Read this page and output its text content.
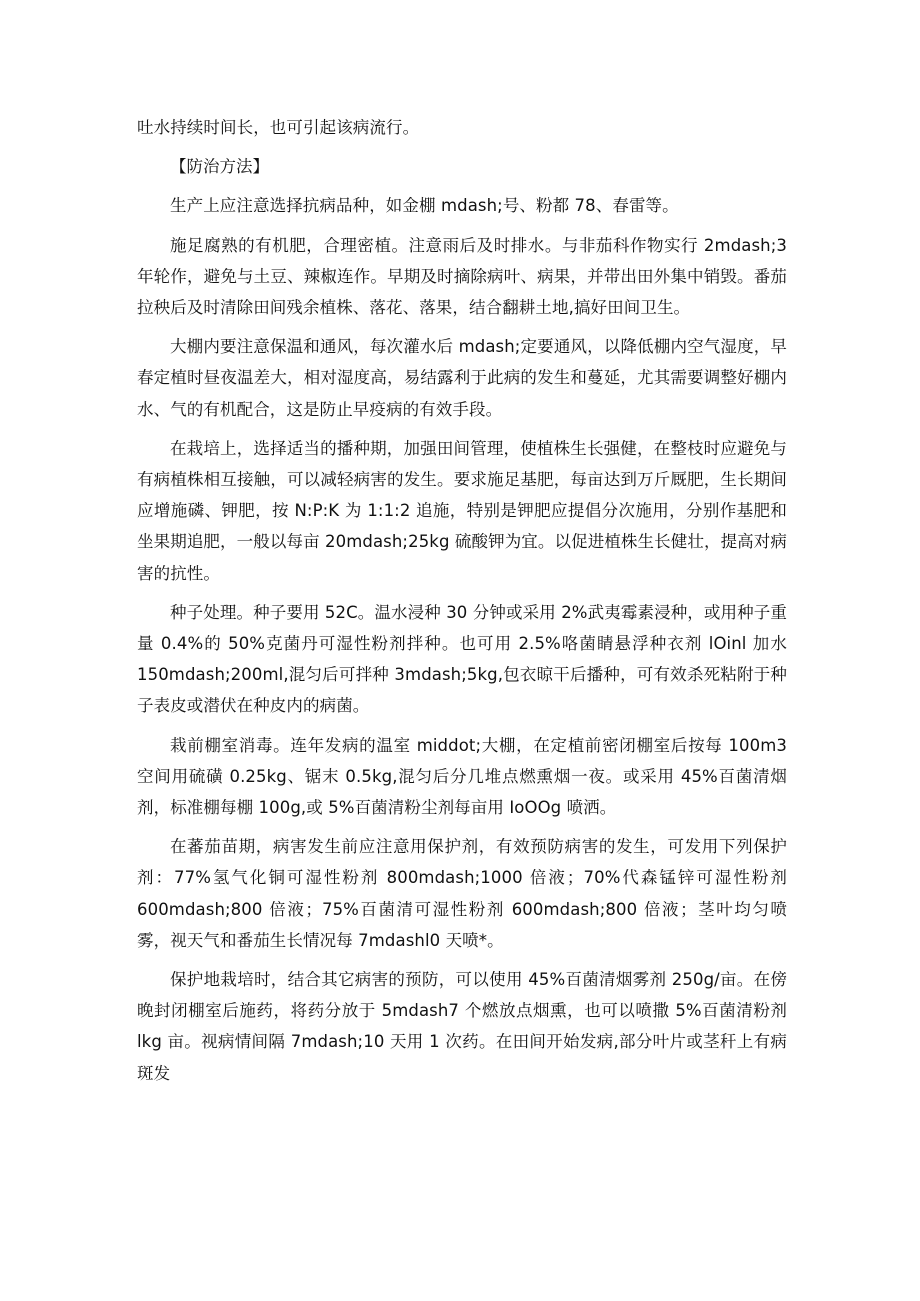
吐水持续时间长，也可引起该病流行。

【防治方法】

生产上应注意选择抗病品种，如金棚 mdash;号、粉都 78、春雷等。

施足腐熟的有机肥，合理密植。注意雨后及时排水。与非茄科作物实行 2mdash;3 年轮作，避免与土豆、辣椒连作。早期及时摘除病叶、病果，并带出田外集中销毁。番茄拉秧后及时清除田间残余植株、落花、落果，结合翻耕土地,搞好田间卫生。

大棚内要注意保温和通风，每次灌水后 mdash;定要通风，以降低棚内空气湿度，早春定植时昼夜温差大，相对湿度高，易结露利于此病的发生和蔓延，尤其需要调整好棚内水、气的有机配合，这是防止早疫病的有效手段。

在栽培上，选择适当的播种期，加强田间管理，使植株生长强健，在整枝时应避免与有病植株相互接触，可以减轻病害的发生。要求施足基肥，每亩达到万斤厩肥，生长期间应增施磷、钾肥，按 N:P:K 为 1:1:2 追施，特别是钾肥应提倡分次施用，分别作基肥和坐果期追肥，一般以每亩 20mdash;25kg 硫酸钾为宜。以促进植株生长健壮，提高对病害的抗性。

种子处理。种子要用 52C。温水浸种 30 分钟或采用 2%武夷霉素浸种，或用种子重量 0.4%的 50%克菌丹可湿性粉剂拌种。也可用 2.5%咯菌睛悬浮种衣剂 lOinl 加水 150mdash;200ml,混匀后可拌种 3mdash;5kg,包衣晾干后播种，可有效杀死粘附于种子表皮或潜伏在种皮内的病菌。

栽前棚室消毒。连年发病的温室 middot;大棚，在定植前密闭棚室后按每 100m3 空间用硫磺 0.25kg、锯末 0.5kg,混匀后分几堆点燃熏烟一夜。或采用 45%百菌清烟剂，标准棚每棚 100g,或 5%百菌清粉尘剂每亩用 IoOOg 喷洒。

在蕃茄苗期，病害发生前应注意用保护剂，有效预防病害的发生，可发用下列保护剂：77%氢气化铜可湿性粉剂 800mdash;1000 倍液；70%代森锰锌可湿性粉剂 600mdash;800 倍液；75%百菌清可湿性粉剂 600mdash;800 倍液；茎叶均匀喷雾，视天气和番茄生长情况每 7mdashl0 天喷*。

保护地栽培时，结合其它病害的预防，可以使用 45%百菌清烟雾剂 250g/亩。在傍晚封闭棚室后施药，将药分放于 5mdash7 个燃放点烟熏，也可以喷撒 5%百菌清粉剂 lkg 亩。视病情间隔 7mdash;10 天用 1 次药。在田间开始发病,部分叶片或茎秆上有病斑发
